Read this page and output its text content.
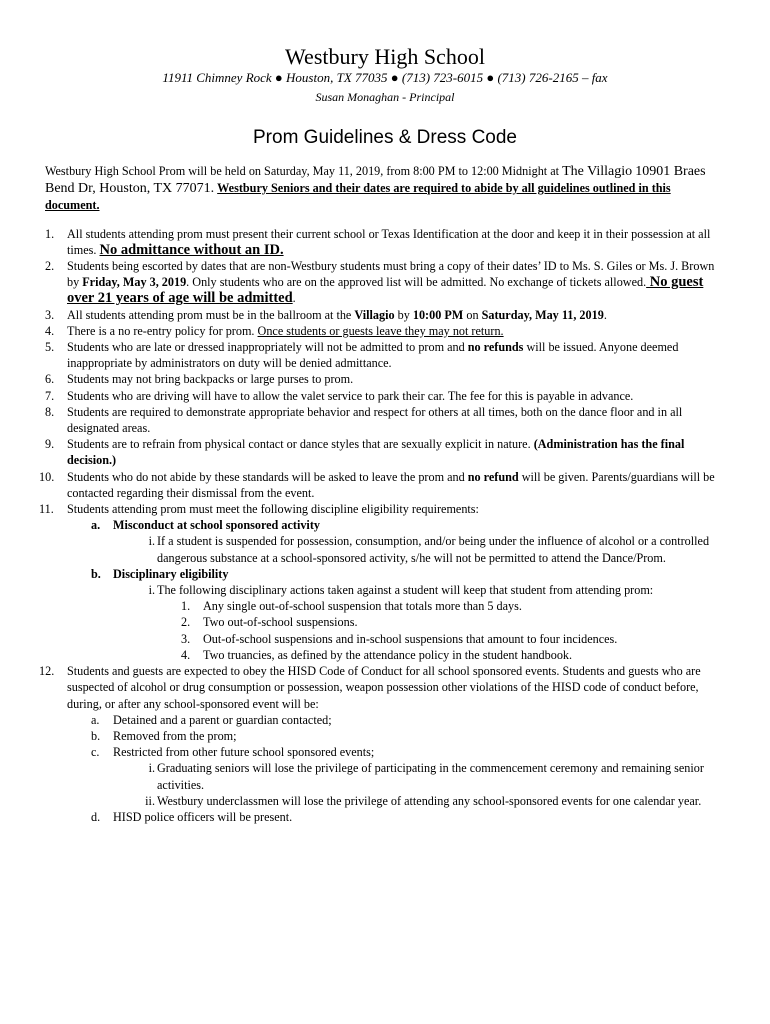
Westbury High School
11911 Chimney Rock ● Houston, TX 77035 ● (713) 723-6015 ● (713) 726-2165 – fax
Susan Monaghan - Principal
Prom Guidelines & Dress Code

Westbury High School Prom will be held on Saturday, May 11, 2019, from 8:00 PM to 12:00 Midnight at The Villagio 10901 Braes Bend Dr, Houston, TX 77071. Westbury Seniors and their dates are required to abide by all guidelines outlined in this document.

1.	All students attending prom must present their current school or Texas Identification at the door and keep it in their possession at all times. No admittance without an ID.
2.	Students being escorted by dates that are non-Westbury students must bring a copy of their dates’ ID to Ms. S. Giles or Ms. J. Brown by Friday, May 3, 2019. Only students who are on the approved list will be admitted. No exchange of tickets allowed. No guest over 21 years of age will be admitted.
3.	All students attending prom must be in the ballroom at the Villagio by 10:00 PM on Saturday, May 11, 2019.
4.	There is a no re-entry policy for prom. Once students or guests leave they may not return.
5.	Students who are late or dressed inappropriately will not be admitted to prom and no refunds will be issued. Anyone deemed inappropriate by administrators on duty will be denied admittance.
6.	Students may not bring backpacks or large purses to prom.
7.	Students who are driving will have to allow the valet service to park their car. The fee for this is payable in advance.
8.	Students are required to demonstrate appropriate behavior and respect for others at all times, both on the dance floor and in all designated areas.
9.	Students are to refrain from physical contact or dance styles that are sexually explicit in nature. (Administration has the final decision.)
10. Students who do not abide by these standards will be asked to leave the prom and no refund will be given. Parents/guardians will be contacted regarding their dismissal from the event.
11. Students attending prom must meet the following discipline eligibility requirements:
a. Misconduct at school sponsored activity
i. If a student is suspended for possession, consumption, and/or being under the influence of alcohol or a controlled dangerous substance at a school-sponsored activity, s/he will not be permitted to attend the Dance/Prom.
b. Disciplinary eligibility
i. The following disciplinary actions taken against a student will keep that student from attending prom:
1. Any single out-of-school suspension that totals more than 5 days.
2. Two out-of-school suspensions.
3. Out-of-school suspensions and in-school suspensions that amount to four incidences.
4. Two truancies, as defined by the attendance policy in the student handbook.
12. Students and guests are expected to obey the HISD Code of Conduct for all school sponsored events. Students and guests who are suspected of alcohol or drug consumption or possession, weapon possession other violations of the HISD code of conduct before, during, or after any school-sponsored event will be:
a. Detained and a parent or guardian contacted;
b. Removed from the prom;
c. Restricted from other future school sponsored events;
i. Graduating seniors will lose the privilege of participating in the commencement ceremony and remaining senior activities.
ii. Westbury underclassmen will lose the privilege of attending any school-sponsored events for one calendar year.
d. HISD police officers will be present.
